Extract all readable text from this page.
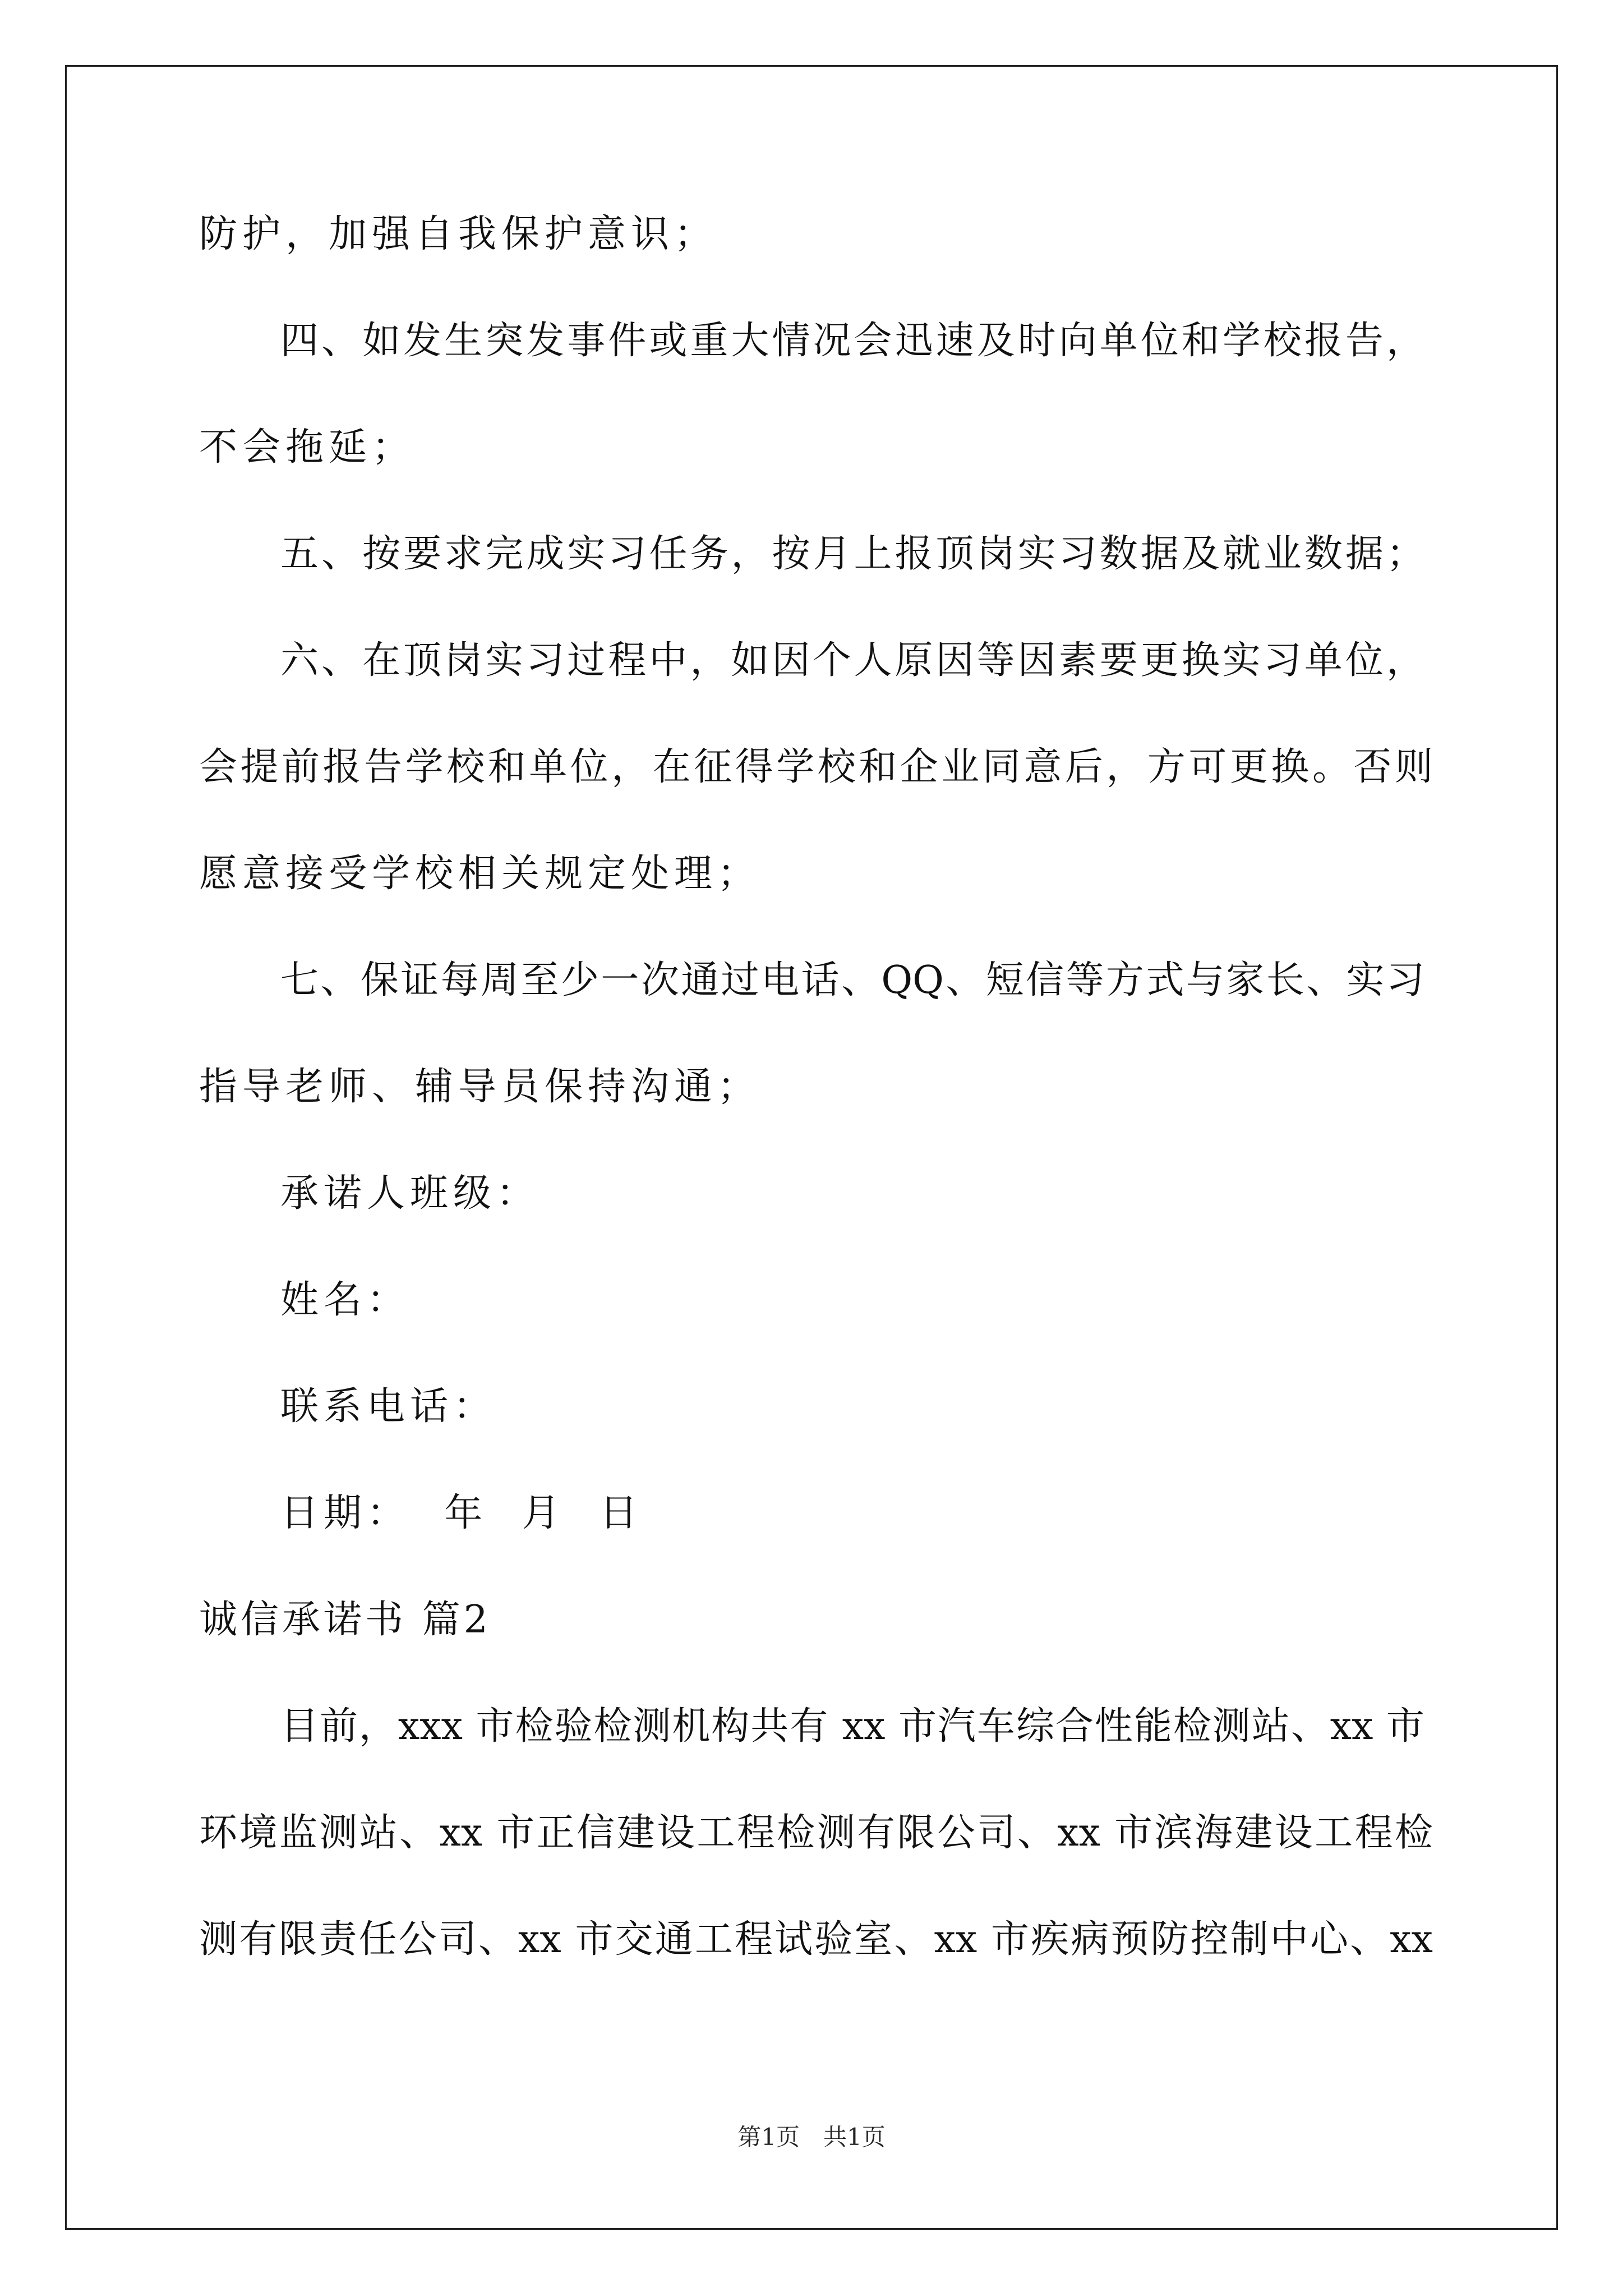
防护，加强自我保护意识；
四、如发生突发事件或重大情况会迅速及时向单位和学校报告，
不会拖延；
五、按要求完成实习任务，按月上报顶岗实习数据及就业数据；
六、在顶岗实习过程中，如因个人原因等因素要更换实习单位，
会提前报告学校和单位，在征得学校和企业同意后，方可更换。否则
愿意接受学校相关规定处理；
七、保证每周至少一次通过电话、QQ、短信等方式与家长、实习
指导老师、辅导员保持沟通；
承诺人班级：
姓名：
联系电话：
日期：  年  月  日
诚信承诺书 篇2
目前，xxx 市检验检测机构共有 xx 市汽车综合性能检测站、xx 市
环境监测站、xx 市正信建设工程检测有限公司、xx 市滨海建设工程检
测有限责任公司、xx 市交通工程试验室、xx 市疾病预防控制中心、xx
第1页　共1页
